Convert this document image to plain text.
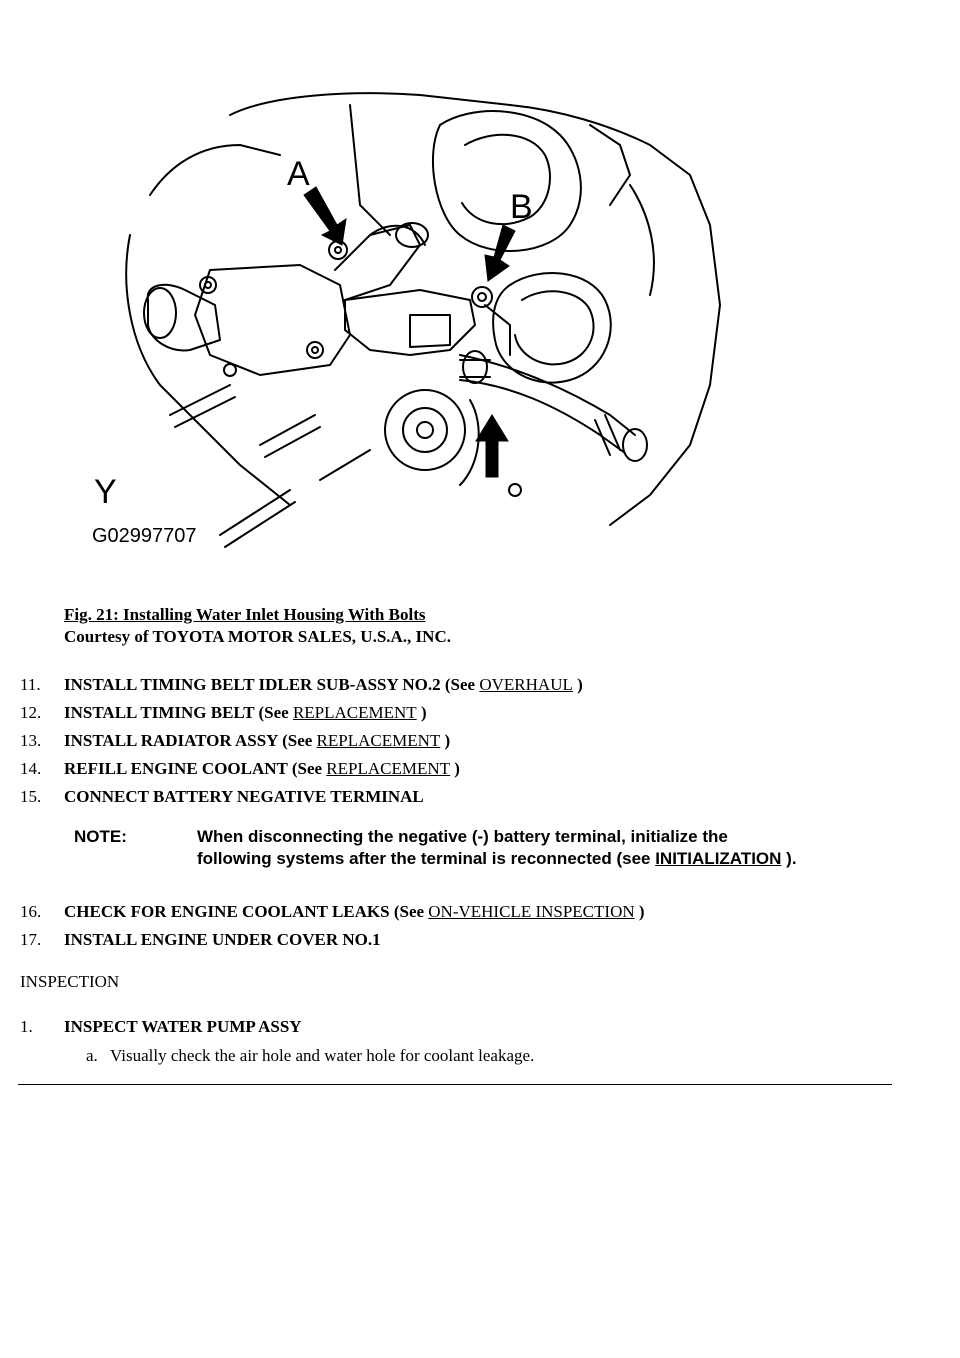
A
B
Y
G02997707
Fig. 21: Installing Water Inlet Housing With Bolts
Courtesy of TOYOTA MOTOR SALES, U.S.A., INC.
11.	INSTALL TIMING BELT IDLER SUB-ASSY NO.2 (See OVERHAUL )
12.	INSTALL TIMING BELT (See REPLACEMENT )
13.	INSTALL RADIATOR ASSY (See REPLACEMENT )
14.	REFILL ENGINE COOLANT (See REPLACEMENT )
15.	CONNECT BATTERY NEGATIVE TERMINAL
NOTE:	When disconnecting the negative (-) battery terminal, initialize the
following systems after the terminal is reconnected (see INITIALIZATION ).
16.	CHECK FOR ENGINE COOLANT LEAKS (See ON-VEHICLE INSPECTION )
17.	INSTALL ENGINE UNDER COVER NO.1
INSPECTION
1.	INSPECT WATER PUMP ASSY
a. Visually check the air hole and water hole for coolant leakage.
